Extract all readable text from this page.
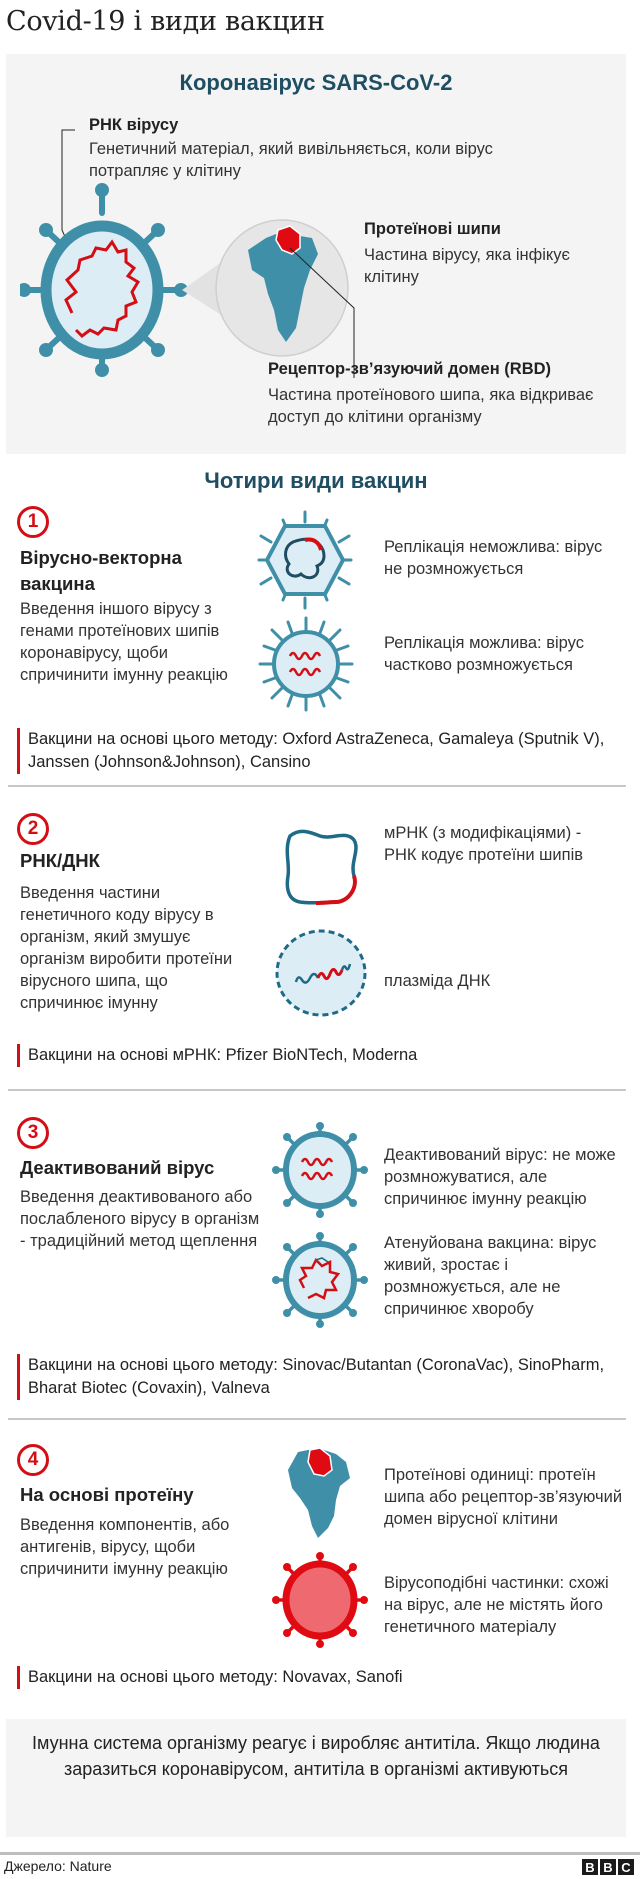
Covid-19 і види вакцин
Коронавірус SARS-CoV-2
РНК вірусу
Генетичний матеріал, який вивільняється, коли вірус потрапляє у клітину
Протеїнові шипи
Частина вірусу, яка інфікує клітину
Рецептор-зв’язуючий домен (RBD)
Частина протеїнового шипа, яка відкриває доступ до клітини організму
Чотири види вакцин
1
Вірусно-векторна вакцина
Введення іншого вірусу з генами протеїнових шипів коронавірусу, щоби спричинити імунну реакцію
Реплікація неможлива: вірус не розмножується
Реплікація можлива: вірус частково розмножується
Вакцини на основі цього методу: Oxford AstraZeneca, Gamaleya (Sputnik V), Janssen (Johnson&Johnson), Cansino
2
РНК/ДНК
Введення частини генетичного коду вірусу в організм, який змушує організм виробити протеїни вірусного шипа, що спричинює імунну
мРНК (з модифікаціями) - РНК кодує протеїни шипів
плазміда ДНК
Вакцини на основі мРНК: Pfizer BioNTech, Moderna
3
Деактивований вірус
Введення деактивованого або послабленого вірусу в організм - традиційний метод щеплення
Деактивований вірус: не може розмножуватися, але спричинює імунну реакцію
Атенуйована вакцина: вірус живий, зростає і розмножується, але не спричинює хворобу
Вакцини на основі цього методу: Sinovac/Butantan (CoronaVac), SinoPharm, Bharat Biotec (Covaxin), Valneva
4
На основі протеїну
Введення компонентів, або антигенів, вірусу, щоби спричинити імунну реакцію
Протеїнові одиниці: протеїн шипа або рецептор-зв’язуючий домен вірусної клітини
Вірусоподібні частинки: схожі на вірус, але не містять його генетичного матеріалу
Вакцини на основі цього методу: Novavax, Sanofi
Імунна система організму реагує і виробляє антитіла. Якщо людина заразиться коронавірусом, антитіла в організмі активуються
Джерело: Nature	B B C
